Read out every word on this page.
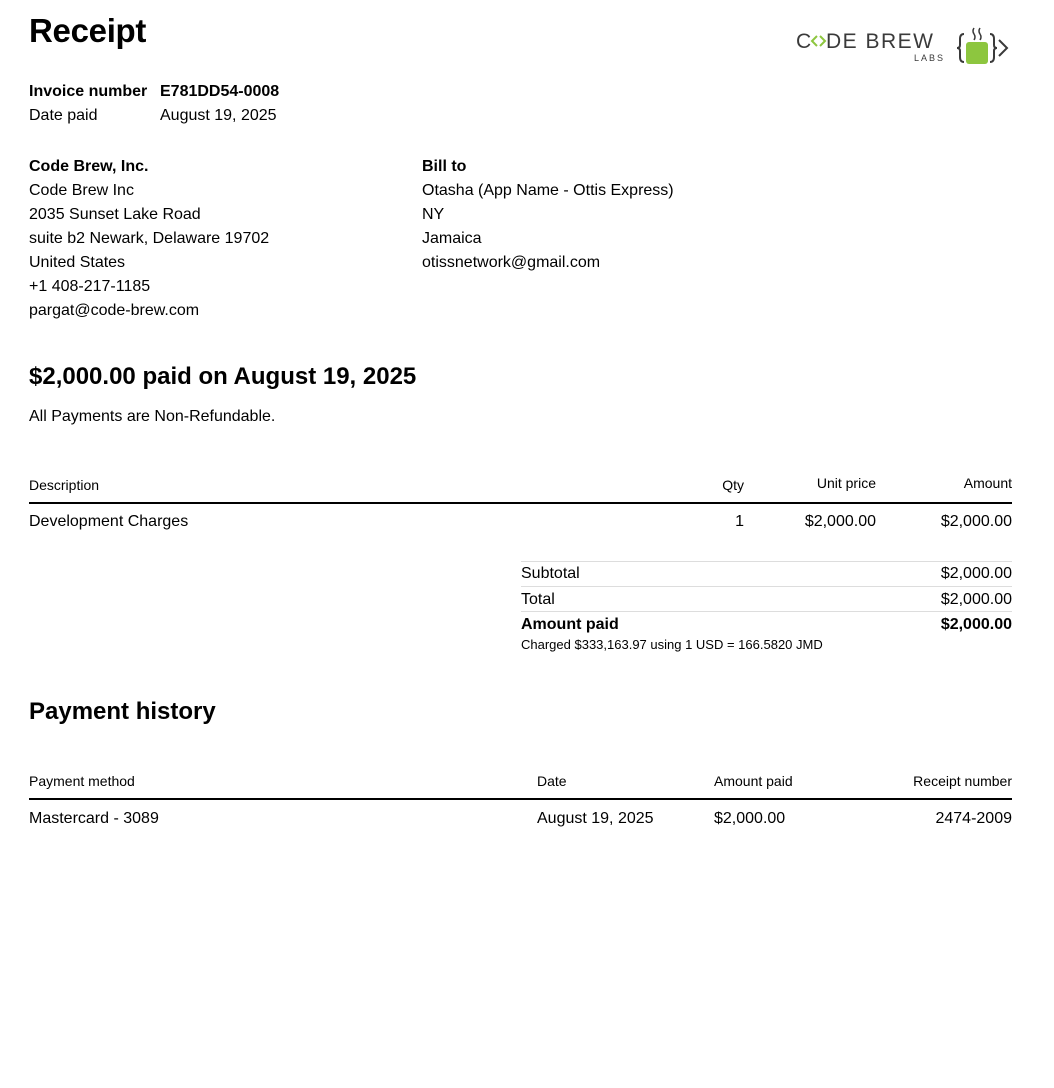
Receipt	C DE BREW
LABS
Invoice number E781DD54-0008
Date paid	August 19, 2025
Code Brew, Inc.
Code Brew Inc
2035 Sunset Lake Road
suite b2 Newark, Delaware 19702
United States
+1 408-217-1185
pargat@code-brew.com
Bill to
Otasha (App Name - Ottis Express)
NY
Jamaica
otissnetwork@gmail.com
$2,000.00 paid on August 19, 2025
All Payments are Non-Refundable.
Description	Qty	Unit price	Amount
Development Charges	1	$2,000.00	$2,000.00
Subtotal	$2,000.00
Total	$2,000.00
Amount paid	$2,000.00
Charged $333,163.97 using 1 USD = 166.5820 JMD
Payment history
Payment method	Date	Amount paid	Receipt number
Mastercard - 3089	August 19, 2025	$2,000.00	2474-2009
